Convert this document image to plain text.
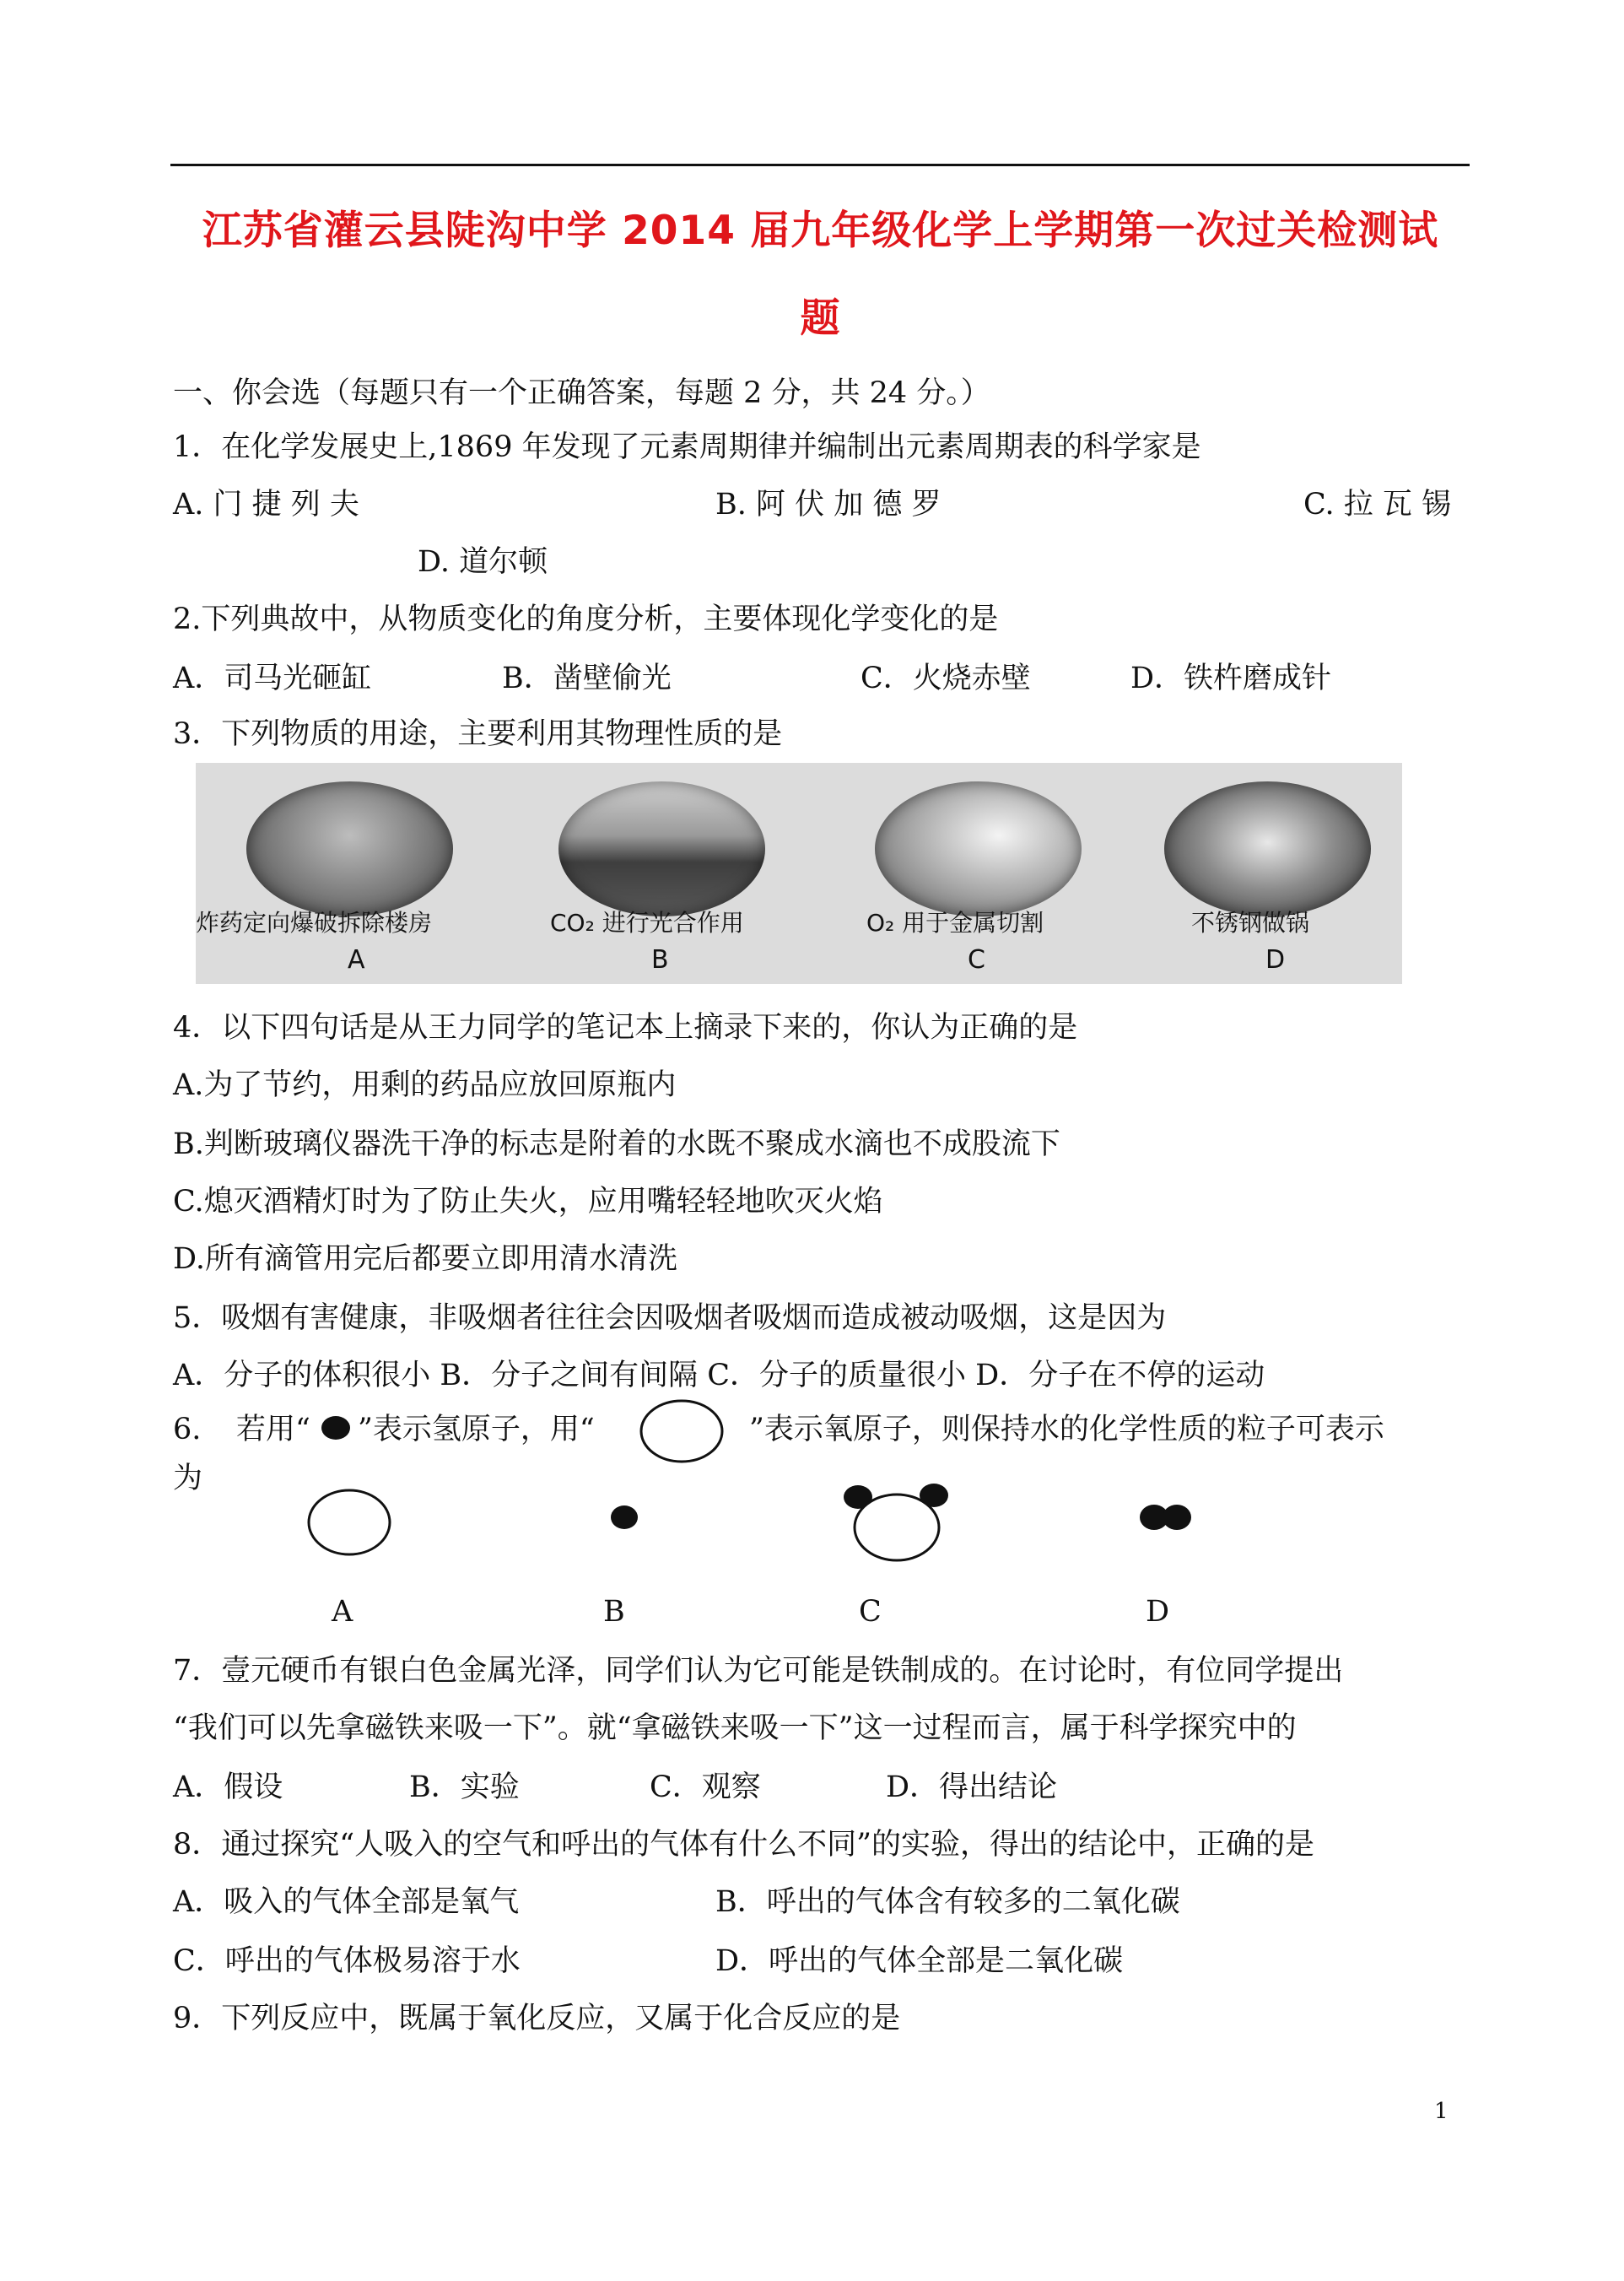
江苏省灌云县陡沟中学 2014 届九年级化学上学期第一次过关检测试
题
一、你会选（每题只有一个正确答案，每题 2 分，共 24 分。）
1．在化学发展史上,1869 年发现了元素周期律并编制出元素周期表的科学家是
A. 门 捷 列 夫	B. 阿 伏 加 德 罗	C. 拉 瓦 锡
D. 道尔顿
2.下列典故中，从物质变化的角度分析，主要体现化学变化的是
A．司马光砸缸	B．凿壁偷光	C．火烧赤壁	D．铁杵磨成针
3．下列物质的用途，主要利用其物理性质的是
炸药定向爆破拆除楼房	CO₂ 进行光合作用	O₂ 用于金属切割	不锈钢做锅
A	B	C	D
4．以下四句话是从王力同学的笔记本上摘录下来的，你认为正确的是
A.为了节约，用剩的药品应放回原瓶内
B.判断玻璃仪器洗干净的标志是附着的水既不聚成水滴也不成股流下
C.熄灭酒精灯时为了防止失火，应用嘴轻轻地吹灭火焰
D.所有滴管用完后都要立即用清水清洗
5．吸烟有害健康，非吸烟者往往会因吸烟者吸烟而造成被动吸烟，这是因为
A．分子的体积很小 B．分子之间有间隔 C．分子的质量很小 D．分子在不停的运动
6. 若用“ ”表示氢原子，用“	”表示氧原子，则保持水的化学性质的粒子可表示
为
A	B	C	D
7．壹元硬币有银白色金属光泽，同学们认为它可能是铁制成的。在讨论时，有位同学提出
“我们可以先拿磁铁来吸一下”。就“拿磁铁来吸一下”这一过程而言，属于科学探究中的
A．假设	B．实验	C．观察	D．得出结论
8．通过探究“人吸入的空气和呼出的气体有什么不同”的实验，得出的结论中，正确的是
A．吸入的气体全部是氧气	B．呼出的气体含有较多的二氧化碳
C．呼出的气体极易溶于水	D．呼出的气体全部是二氧化碳
9．下列反应中，既属于氧化反应，又属于化合反应的是
1
